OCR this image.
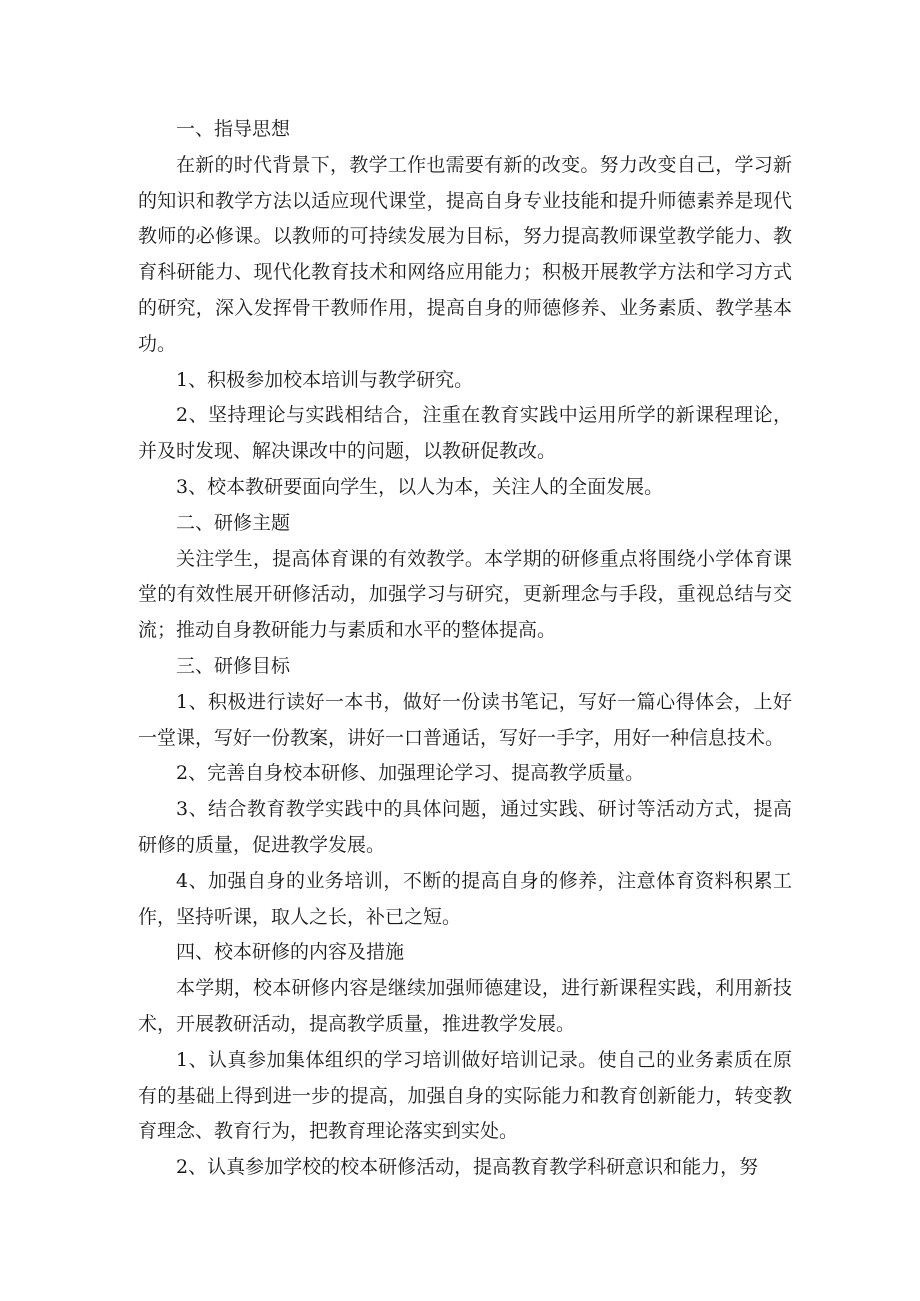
一、指导思想

在新的时代背景下，教学工作也需要有新的改变。努力改变自己，学习新的知识和教学方法以适应现代课堂，提高自身专业技能和提升师德素养是现代教师的必修课。以教师的可持续发展为目标，努力提高教师课堂教学能力、教育科研能力、现代化教育技术和网络应用能力；积极开展教学方法和学习方式的研究，深入发挥骨干教师作用，提高自身的师德修养、业务素质、教学基本功。

1、积极参加校本培训与教学研究。

2、坚持理论与实践相结合，注重在教育实践中运用所学的新课程理论，并及时发现、解决课改中的问题，以教研促教改。

3、校本教研要面向学生，以人为本，关注人的全面发展。

二、研修主题

关注学生，提高体育课的有效教学。本学期的研修重点将围绕小学体育课堂的有效性展开研修活动，加强学习与研究，更新理念与手段，重视总结与交流；推动自身教研能力与素质和水平的整体提高。

三、研修目标

1、积极进行读好一本书，做好一份读书笔记，写好一篇心得体会，上好一堂课，写好一份教案，讲好一口普通话，写好一手字，用好一种信息技术。

2、完善自身校本研修、加强理论学习、提高教学质量。

3、结合教育教学实践中的具体问题，通过实践、研讨等活动方式，提高研修的质量，促进教学发展。

4、加强自身的业务培训，不断的提高自身的修养，注意体育资料积累工作，坚持听课，取人之长，补已之短。

四、校本研修的内容及措施

本学期，校本研修内容是继续加强师德建设，进行新课程实践，利用新技术，开展教研活动，提高教学质量，推进教学发展。

1、认真参加集体组织的学习培训做好培训记录。使自己的业务素质在原有的基础上得到进一步的提高，加强自身的实际能力和教育创新能力，转变教育理念、教育行为，把教育理论落实到实处。

2、认真参加学校的校本研修活动，提高教育教学科研意识和能力，努
